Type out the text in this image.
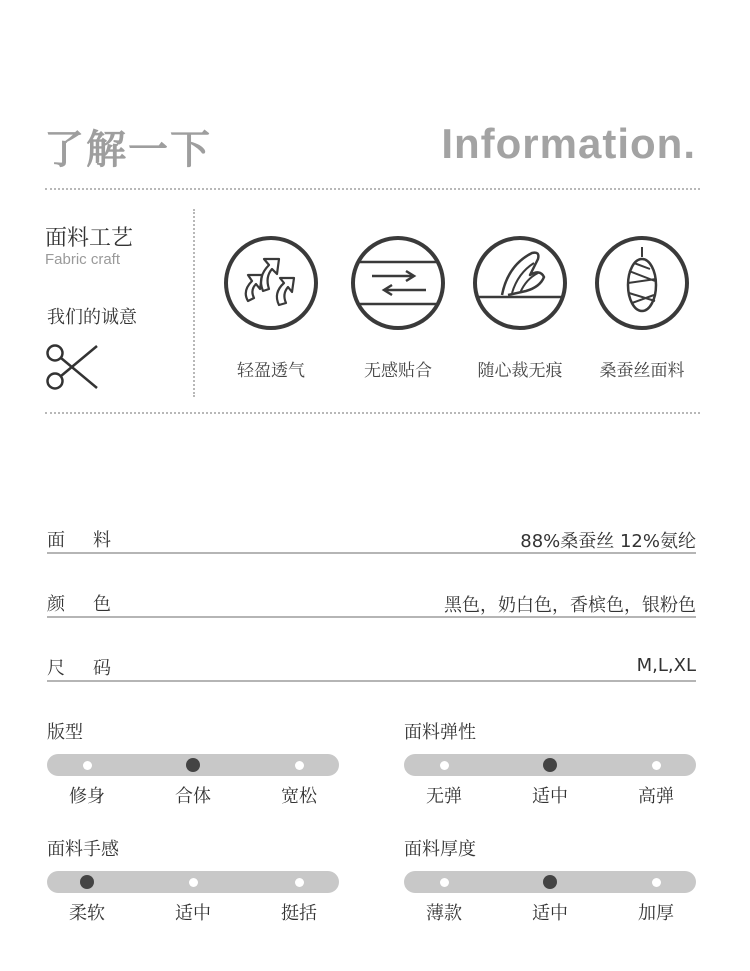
了解一下	Information.
面料工艺
Fabric craft
我们的诚意
轻盈透气	无感贴合	随心裁无痕	桑蚕丝面料
面料	88%桑蚕丝 12%氨纶
颜色	黑色，奶白色，香槟色，银粉色
尺码	M,L,XL
版型
修身	合体	宽松
面料弹性
无弹	适中	高弹
面料手感
柔软	适中	挺括
面料厚度
薄款	适中	加厚
